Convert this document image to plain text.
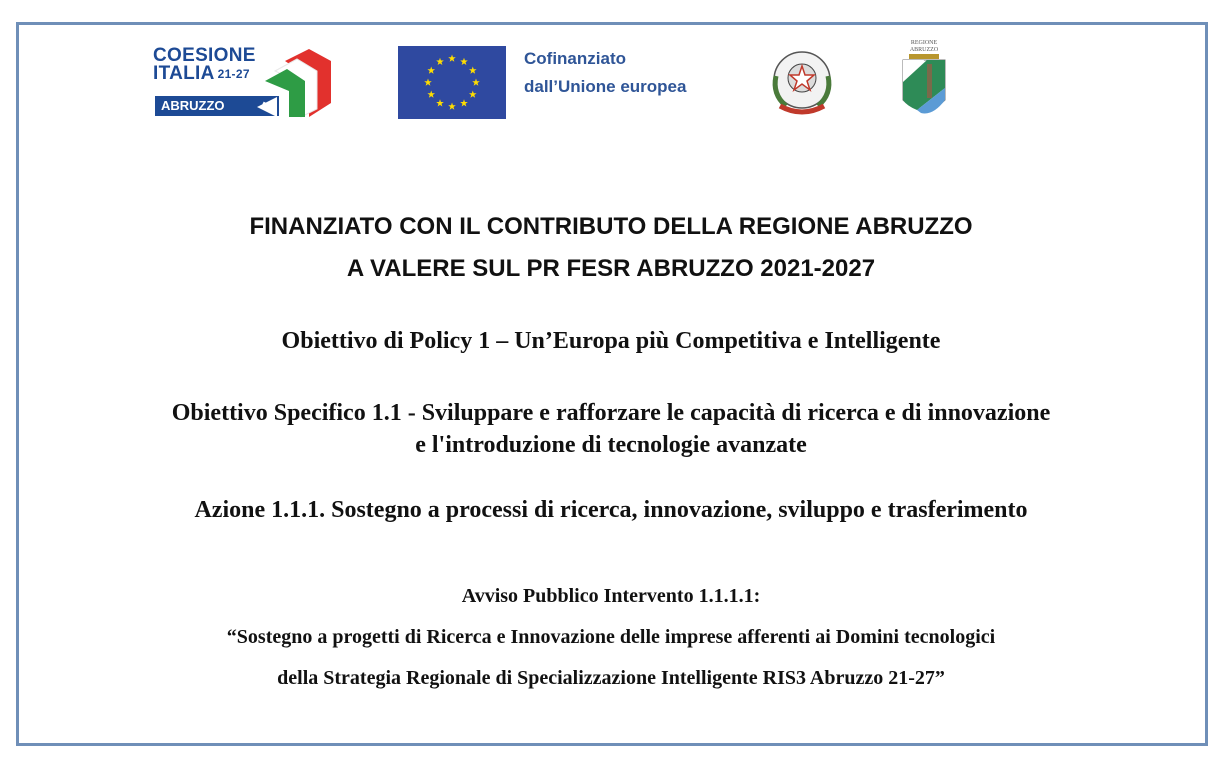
COESIONE
ITALIA $^{21-27}$
ABRUZZO
Cofinanziato
dall’Unione europea
REGIONE
ABRUZZO
FINANZIATO CON IL CONTRIBUTO DELLA REGIONE ABRUZZO
A VALERE SUL PR FESR ABRUZZO 2021-2027
Obiettivo di Policy 1 – Un’Europa più Competitiva e Intelligente
Obiettivo Specifico 1.1 - Sviluppare e rafforzare le capacità di ricerca e di innovazione
e l'introduzione di tecnologie avanzate
Azione 1.1.1. Sostegno a processi di ricerca, innovazione, sviluppo e trasferimento
Avviso Pubblico Intervento 1.1.1.1:
“Sostegno a progetti di Ricerca e Innovazione delle imprese afferenti ai Domini tecnologici
della Strategia Regionale di Specializzazione Intelligente RIS3 Abruzzo 21-27”
